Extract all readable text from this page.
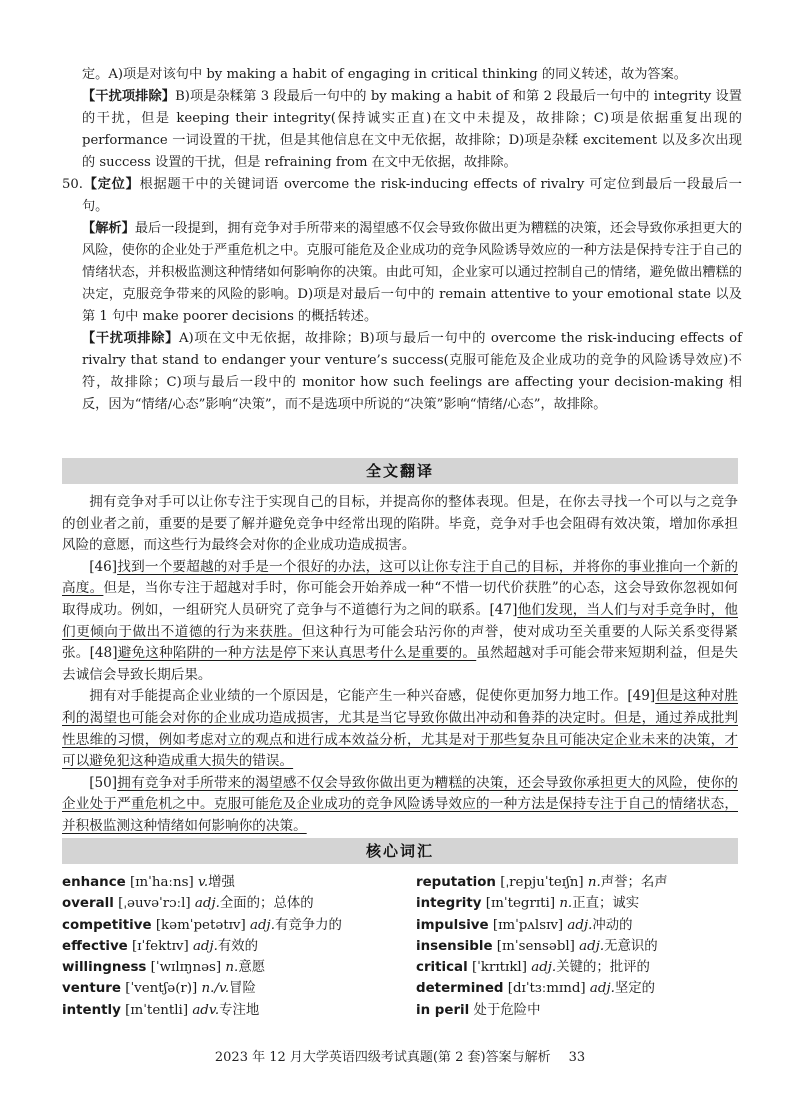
定。A)项是对该句中 by making a habit of engaging in critical thinking 的同义转述，故为答案。

【干扰项排除】B)项是杂糅第 3 段最后一句中的 by making a habit of 和第 2 段最后一句中的 integrity 设置的干扰，但是 keeping their integrity(保持诚实正直)在文中未提及，故排除；C)项是依据重复出现的 performance 一词设置的干扰，但是其他信息在文中无依据，故排除；D)项是杂糅 excitement 以及多次出现的 success 设置的干扰，但是 refraining from 在文中无依据，故排除。

50.【定位】根据题干中的关键词语 overcome the risk-inducing effects of rivalry 可定位到最后一段最后一句。

【解析】最后一段提到，拥有竞争对手所带来的渴望感不仅会导致你做出更为糟糕的决策，还会导致你承担更大的风险，使你的企业处于严重危机之中。克服可能危及企业成功的竞争风险诱导效应的一种方法是保持专注于自己的情绪状态，并积极监测这种情绪如何影响你的决策。由此可知，企业家可以通过控制自己的情绪，避免做出糟糕的决定，克服竞争带来的风险的影响。D)项是对最后一句中的 remain attentive to your emotional state 以及第 1 句中 make poorer decisions 的概括转述。

【干扰项排除】A)项在文中无依据，故排除；B)项与最后一句中的 overcome the risk-inducing effects of rivalry that stand to endanger your venture’s success(克服可能危及企业成功的竞争的风险诱导效应)不符，故排除；C)项与最后一段中的 monitor how such feelings are affecting your decision-making 相反，因为“情绪/心态”影响“决策”，而不是选项中所说的“决策”影响“情绪/心态”，故排除。

全文翻译

拥有竞争对手可以让你专注于实现自己的目标，并提高你的整体表现。但是，在你去寻找一个可以与之竞争的创业者之前，重要的是要了解并避免竞争中经常出现的陷阱。毕竟，竞争对手也会阻碍有效决策，增加你承担风险的意愿，而这些行为最终会对你的企业成功造成损害。

[46]找到一个要超越的对手是一个很好的办法，这可以让你专注于自己的目标，并将你的事业推向一个新的高度。但是，当你专注于超越对手时，你可能会开始养成一种“不惜一切代价获胜”的心态，这会导致你忽视如何取得成功。例如，一组研究人员研究了竞争与不道德行为之间的联系。[47]他们发现，当人们与对手竞争时，他们更倾向于做出不道德的行为来获胜。但这种行为可能会玷污你的声誉，使对成功至关重要的人际关系变得紧张。[48]避免这种陷阱的一种方法是停下来认真思考什么是重要的。虽然超越对手可能会带来短期利益，但是失去诚信会导致长期后果。

拥有对手能提高企业业绩的一个原因是，它能产生一种兴奋感，促使你更加努力地工作。[49]但是这种对胜利的渴望也可能会对你的企业成功造成损害，尤其是当它导致你做出冲动和鲁莽的决定时。但是，通过养成批判性思维的习惯，例如考虑对立的观点和进行成本效益分析，尤其是对于那些复杂且可能决定企业未来的决策，才可以避免犯这种造成重大损失的错误。

[50]拥有竞争对手所带来的渴望感不仅会导致你做出更为糟糕的决策，还会导致你承担更大的风险，使你的企业处于严重危机之中。克服可能危及企业成功的竞争风险诱导效应的一种方法是保持专注于自己的情绪状态，并积极监测这种情绪如何影响你的决策。

核心词汇
enhance [ɪnˈhaːns] v.增强
overall [ˌəuvəˈrɔːl] adj.全面的；总体的
competitive [kəmˈpetətɪv] adj.有竞争力的
effective [ɪˈfektɪv] adj.有效的
willingness [ˈwɪlɪŋnəs] n.意愿
venture [ˈventʃə(r)] n./v.冒险
intently [ɪnˈtentli] adv.专注地
reputation [ˌrepjuˈteɪʃn] n.声誉；名声
integrity [ɪnˈtegrɪti] n.正直；诚实
impulsive [ɪmˈpʌlsɪv] adj.冲动的
insensible [ɪnˈsensəbl] adj.无意识的
critical [ˈkrɪtɪkl] adj.关键的；批评的
determined [dɪˈtɜːmɪnd] adj.坚定的
in peril 处于危险中
2023 年 12 月大学英语四级考试真题(第 2 套)答案与解析 33
